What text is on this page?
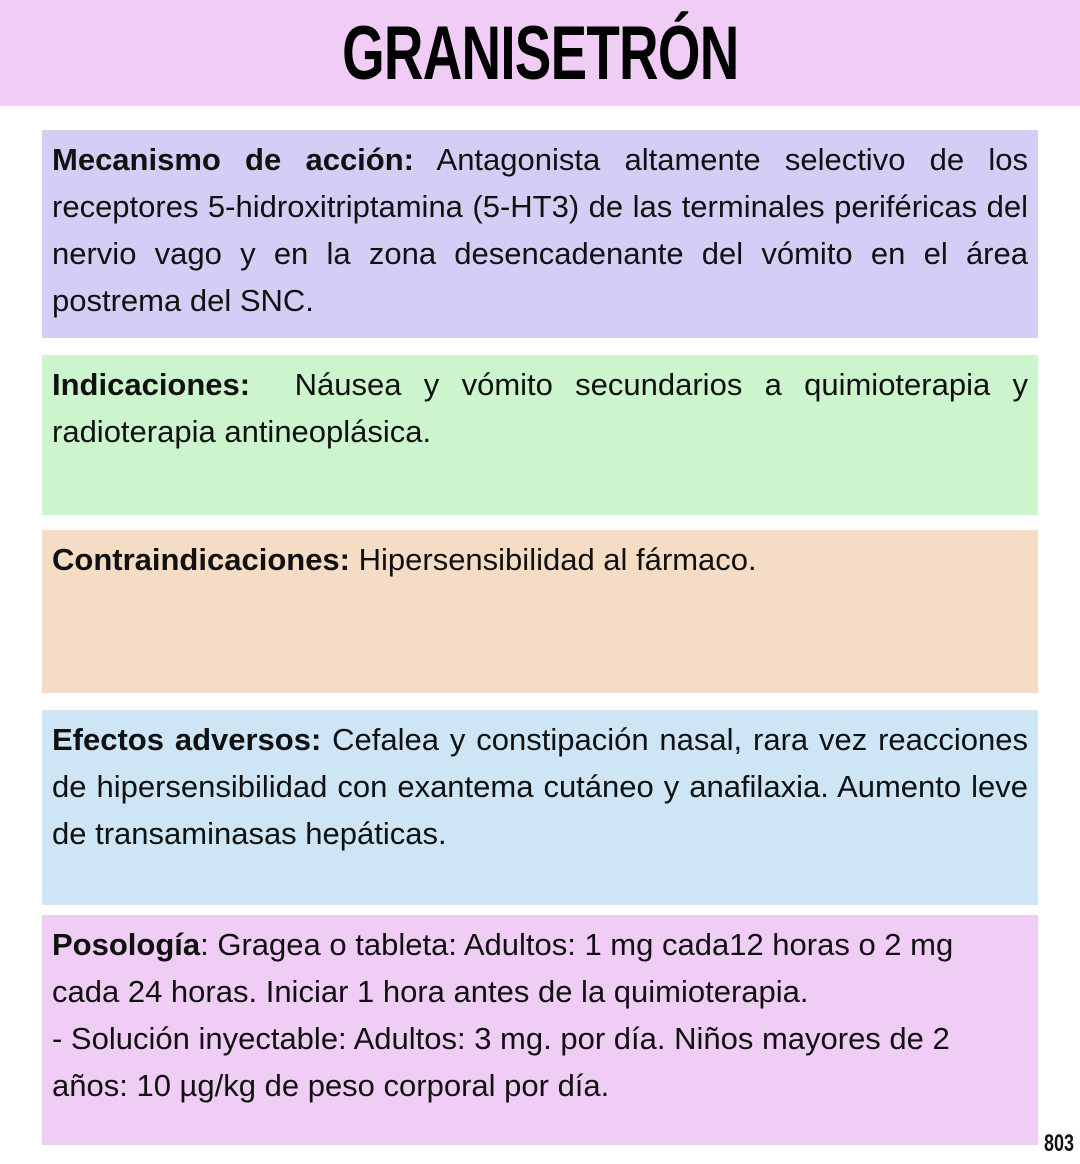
GRANISETRÓN
Mecanismo de acción: Antagonista altamente selectivo de los receptores 5-hidroxitriptamina (5-HT3) de las terminales periféricas del nervio vago y en la zona desencadenante del vómito en el área postrema del SNC.
Indicaciones:  Náusea y vómito secundarios a quimioterapia y radioterapia antineoplásica.
Contraindicaciones: Hipersensibilidad al fármaco.
Efectos adversos: Cefalea y constipación nasal, rara vez reacciones de hipersensibilidad con exantema cutáneo y anafilaxia. Aumento leve de transaminasas hepáticas.
Posología: Gragea o tableta: Adultos: 1 mg cada12 horas o 2 mg cada 24 horas. Iniciar 1 hora antes de la quimioterapia.
- Solución inyectable: Adultos: 3 mg. por día. Niños mayores de 2 años: 10 µg/kg de peso corporal por día.
803
